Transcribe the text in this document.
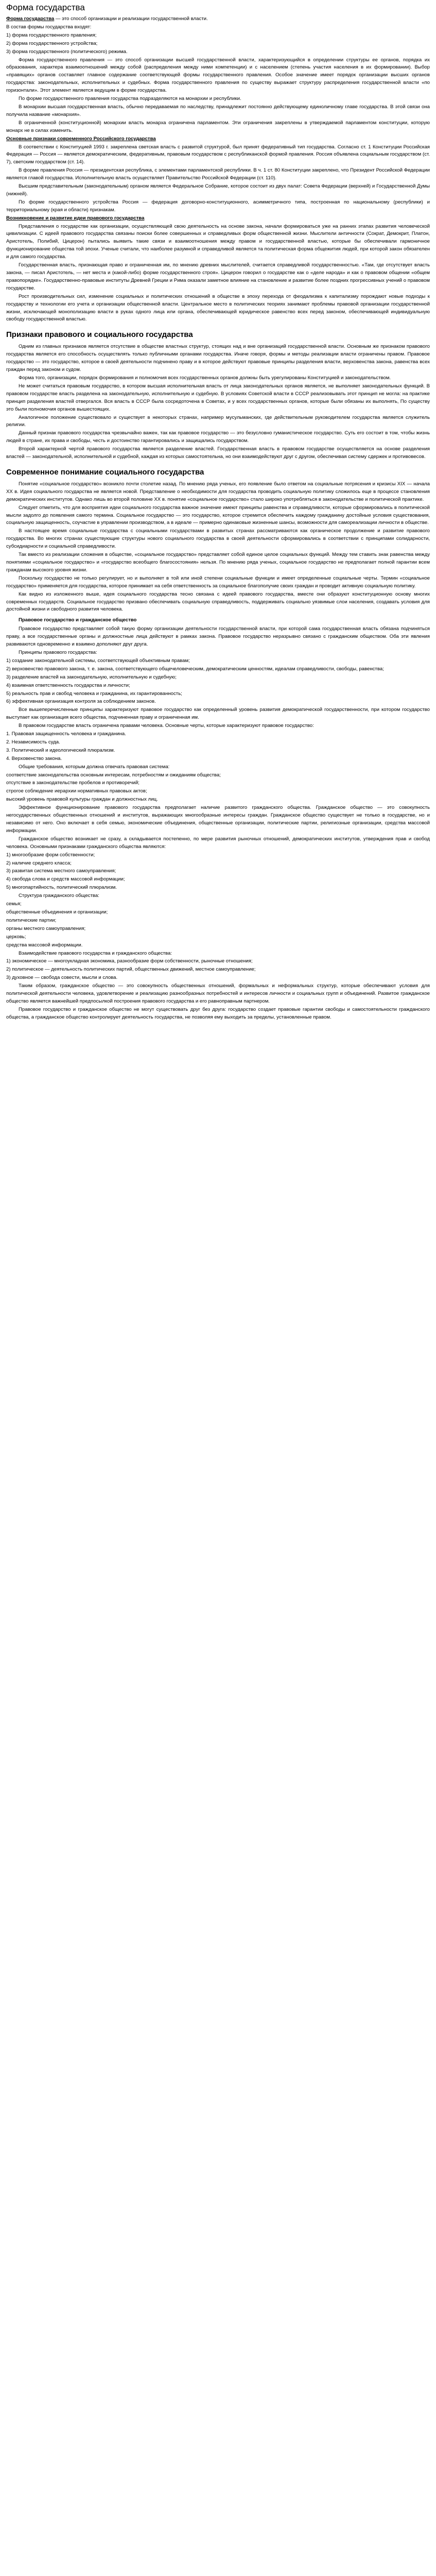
Форма государства

Форма государства — это способ организации и реализации государственной власти.

В состав формы государства входят:

1) форма государственного правления;

2) форма государственного устройства;

3) форма государственного (политического) режима.

Форма государственного правления — это способ организации высшей государственной власти, характеризующийся в определении структуры ее органов, порядка их образования, характера взаимоотношений между собой (распределения между ними компетенции) и с населением (степень участия населения в их формировании). Выбор «правящих» органов составляет главное содержание соответствующей формы государственного правления. Особое значение имеет порядок организации высших органов государства: законодательных, исполнительных и судебных. Форма государственного правления по существу выражает структуру распределения государственной власти «по горизонтали». Этот элемент является ведущим в форме государства.

По форме государственного правления государства подразделяются на монархии и республики.

В монархии высшая государственная власть, обычно передаваемая по наследству, принадлежит постоянно действующему единоличному главе государства. В этой связи она получила название «монархия».

В ограниченной (конституционной) монархии власть монарха ограничена парламентом. Эти ограничения закреплены в утверждаемой парламентом конституции, которую монарх не в силах изменить.

Основные признаки современного Российского государства

В соответствии с Конституцией 1993 г. закреплена светская власть с развитой структурой, был принят федеративный тип государства. Согласно ст. 1 Конституции Российская Федерация — Россия — является демократическим, федеративным, правовым государством с республиканской формой правления. Россия объявлена социальным государством (ст. 7), светским государством (ст. 14).

В форме правления Россия — президентская республика, с элементами парламентской республики. В ч. 1 ст. 80 Конституции закреплено, что Президент Российской Федерации является главой государства. Исполнительную власть осуществляет Правительство Российской Федерации (ст. 110).

Высшим представительным (законодательным) органом является Федеральное Собрание, которое состоит из двух палат: Совета Федерации (верхней) и Государственной Думы (нижней).

По форме государственного устройства Россия — федерация договорно-конституционного, асимметричного типа, построенная по национальному (республики) и территориальному (края и области) признакам.

Возникновение и развитие идеи правового государства

Представления о государстве как организации, осуществляющей свою деятельность на основе закона, начали формироваться уже на ранних этапах развития человеческой цивилизации. С идеей правового государства связаны поиски более совершенных и справедливых форм общественной жизни. Мыслители античности (Сократ, Демокрит, Платон, Аристотель, Полибий, Цицерон) пытались выявить такие связи и взаимоотношения между правом и государственной властью, которые бы обеспечивали гармоничное функционирование общества той эпохи. Ученые считали, что наиболее разумной и справедливой является та политическая форма общежития людей, при которой закон обязателен и для самого государства.

Государственная власть, признающая право и ограниченная им, по мнению древних мыслителей, считается справедливой государственностью. «Там, где отсутствует власть закона, — писал Аристотель, — нет места и (какой-либо) форме государственного строя». Цицерон говорил о государстве как о «деле народа» и как о правовом общении «общем правопорядке». Государственно-правовые институты Древней Греции и Рима оказали заметное влияние на становление и развитие более поздних прогрессивных учений о правовом государстве.

Рост производительных сил, изменение социальных и политических отношений в обществе в эпоху перехода от феодализма к капитализму порождают новые подходы к государству и технологии его учета и организации общественной власти. Центральное место в политических теориях занимают проблемы правовой организации государственной жизни, исключающей монополизацию власти в руках одного лица или органа, обеспечивающей юридическое равенство всех перед законом, обеспечивающей индивидуальную свободу государственной властью.

Признаки правового и социального государства

Одним из главных признаков является отсутствие в обществе властных структур, стоящих над и вне организаций государственной власти. Основным же признаком правового государства является его способность осуществлять только публичными органами государства. Иначе говоря, формы и методы реализации власти ограничены правом. Правовое государство — это государство, которое в своей деятельности подчинено праву и в которое действуют правовые принципы разделения власти, верховенства закона, равенства всех граждан перед законом и судом.

Форма того, организации, порядок формирования и полномочия всех государственных органов должны быть урегулированы Конституцией и законодательством.

Не может считаться правовым государство, в котором высшая исполнительная власть от лица законодательных органов является, не выполняет законодательных функций. В правовом государстве власть разделена на законодательную, исполнительную и судебную. В условиях Советской власти в СССР реализовывать этот принцип не могла: на практике принцип разделения властей отвергался. Вся власть в СССР была сосредоточена в Советах, и у всех государственных органов, которые были обязаны их выполнять, По существу это были полномочия органов вышестоящих.

Аналогичное положение существовало и существует в некоторых странах, например мусульманских, где действительным руководителем государства является служитель религии.

Данный признак правового государства чрезвычайно важен, так как правовое государство — это безусловно гуманистическое государство. Суть его состоит в том, чтобы жизнь людей в стране, их права и свободы, честь и достоинство гарантировались и защищались государством.

Второй характерной чертой правового государства является разделение властей. Государственная власть в правовом государстве осуществляется на основе разделения властей — законодательной, исполнительной и судебной, каждая из которых самостоятельна, но они взаимодействуют друг с другом, обеспечивая систему сдержек и противовесов.

Современное понимание социального государства

Понятие «социальное государство» возникло почти столетие назад. По мнению ряда ученых, его появление было ответом на социальные потрясения и кризисы XIX — начала XX в. Идея социального государства не является новой. Представление о необходимости для государства проводить социальную политику сложилось еще в процессе становления демократических институтов. Однако лишь во второй половине XX в. понятие «социальное государство» стало широко употребляться в законодательстве и политической практике.

Следует отметить, что для восприятия идеи социального государства важное значение имеют принципы равенства и справедливости, которые сформировались в политической мысли задолго до появления самого термина. Социальное государство — это государство, которое стремится обеспечить каждому гражданину достойные условия существования, социальную защищенность, соучастие в управлении производством, а в идеале — примерно одинаковые жизненные шансы, возможности для самореализации личности в обществе.

В настоящее время социальные государства с социальными государствами в развитых странах рассматриваются как органическое продолжение и развитие правового государства. Во многих странах существующие структуры нового социального государства в своей деятельности сформировались в соответствии с принципами солидарности, субсидиарности и социальной справедливости.

Так вместо из реализации сложения в обществе, «социальное государство» представляет собой единое целое социальных функций. Между тем ставить знак равенства между понятиями «социальное государство» и «государство всеобщего благосостояния» нельзя. По мнению ряда ученых, социальное государство не предполагает полной гарантии всем гражданам высокого уровня жизни.

Поскольку государство не только регулирует, но и выполняет в той или иной степени социальные функции и имеет определенные социальные черты. Термин «социальное государство» применяется для государства, которое принимает на себя ответственность за социальное благополучие своих граждан и проводит активную социальную политику.

Как видно из изложенного выше, идея социального государства тесно связана с идеей правового государства, вместе они образуют конституционную основу многих современных государств. Социальное государство призвано обеспечивать социальную справедливость, поддерживать социально уязвимые слои населения, создавать условия для достойной жизни и свободного развития человека.

Правовое государство и гражданское общество

Правовое государство представляет собой такую форму организации деятельности государственной власти, при которой сама государственная власть обязана подчиняться праву, а все государственные органы и должностные лица действуют в рамках закона. Правовое государство неразрывно связано с гражданским обществом. Оба эти явления развиваются одновременно и взаимно дополняют друг друга.

Принципы правового государства:

1) создание законодательной системы, соответствующей объективным правам;

2) верховенство правового закона, т. е. закона, соответствующего общечеловеческим, демократическим ценностям, идеалам справедливости, свободы, равенства;

3) разделение властей на законодательную, исполнительную и судебную;

4) взаимная ответственность государства и личности;

5) реальность прав и свобод человека и гражданина, их гарантированность;

6) эффективная организация контроля за соблюдением законов.

Все вышеперечисленные принципы характеризуют правовое государство как определенный уровень развития демократической государственности, при котором государство выступает как организация всего общества, подчиненная праву и ограниченная им.

В правовом государстве власть ограничена правами человека. Основные черты, которые характеризуют правовое государство:

1. Правовая защищенность человека и гражданина.

2. Независимость суда.

3. Политический и идеологический плюрализм.

4. Верховенство закона.

Общие требования, которым должна отвечать правовая система:

соответствие законодательства основным интересам, потребностям и ожиданиям общества;

отсутствие в законодательстве пробелов и противоречий;

строгое соблюдение иерархии нормативных правовых актов;

высокий уровень правовой культуры граждан и должностных лиц.

Эффективное функционирование правового государства предполагает наличие развитого гражданского общества. Гражданское общество — это совокупность негосударственных общественных отношений и институтов, выражающих многообразные интересы граждан. Гражданское общество существует не только в государстве, но и независимо от него. Оно включает в себя семью, экономические объединения, общественные организации, политические партии, религиозные организации, средства массовой информации.

Гражданское общество возникает не сразу, а складывается постепенно, по мере развития рыночных отношений, демократических институтов, утверждения прав и свобод человека. Основными признаками гражданского общества являются:

1) многообразие форм собственности;

2) наличие среднего класса;

3) развитая система местного самоуправления;

4) свобода слова и средств массовой информации;

5) многопартийность, политический плюрализм.

Структура гражданского общества:

семья;

общественные объединения и организации;

политические партии;

органы местного самоуправления;

церковь;

средства массовой информации.

Взаимодействие правового государства и гражданского общества:

1) экономическое — многоукладная экономика, разнообразие форм собственности, рыночные отношения;

2) политическое — деятельность политических партий, общественных движений, местное самоуправление;

3) духовное — свобода совести, мысли и слова.

Таким образом, гражданское общество — это совокупность общественных отношений, формальных и неформальных структур, которые обеспечивают условия для политической деятельности человека, удовлетворение и реализацию разнообразных потребностей и интересов личности и социальных групп и объединений. Развитое гражданское общество является важнейшей предпосылкой построения правового государства и его равноправным партнером.

Правовое государство и гражданское общество не могут существовать друг без друга: государство создает правовые гарантии свободы и самостоятельности гражданского общества, а гражданское общество контролирует деятельность государства, не позволяя ему выходить за пределы, установленные правом.
